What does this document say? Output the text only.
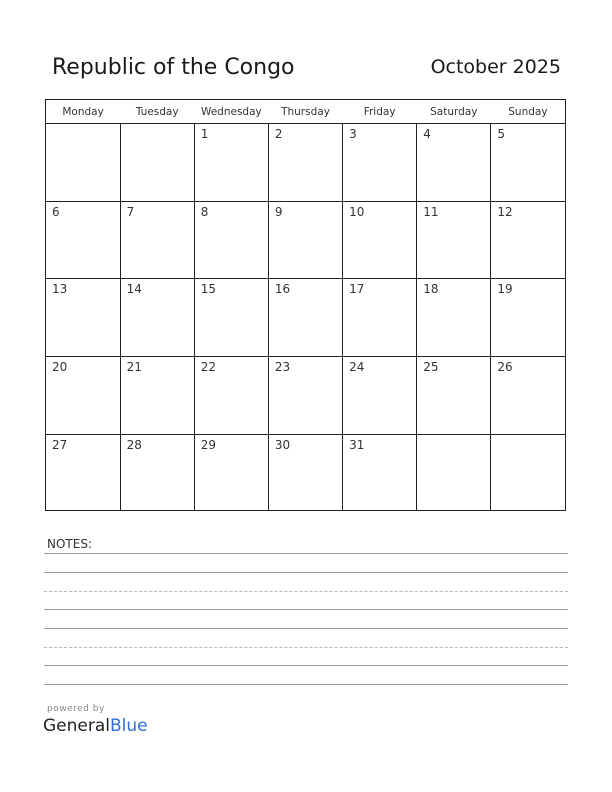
Republic of the Congo	October 2025
Monday	Tuesday	Wednesday	Thursday	Friday	Saturday	Sunday
		1	2	3	4	5
6	7	8	9	10	11	12
13	14	15	16	17	18	19
20	21	22	23	24	25	26
27	28	29	30	31		
NOTES:
powered by
GeneralBlue
